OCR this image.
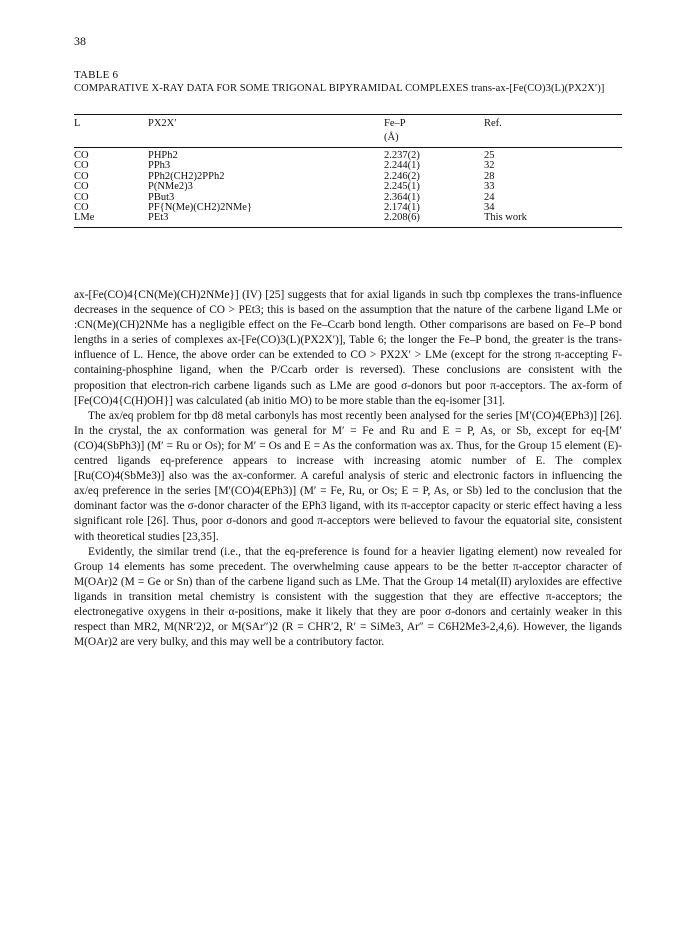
38
TABLE 6
COMPARATIVE X-RAY DATA FOR SOME TRIGONAL BIPYRAMIDAL COMPLEXES trans-ax-[Fe(CO)3(L)(PX2X′)]
L	PX2X′	Fe–P	Ref.
		(Å)	
CO	PHPh2	2.237(2)	25
CO	PPh3	2.244(1)	32
CO	PPh2(CH2)2PPh2	2.246(2)	28
CO	P(NMe2)3	2.245(1)	33
CO	PBut3	2.364(1)	24
CO	PF{N(Me)(CH2)2NMe}	2.174(1)	34
LMe	PEt3	2.208(6)	This work

ax-[Fe(CO)4{CN(Me)(CH)2NMe}] (IV) [25] suggests that for axial ligands in such tbp complexes the trans-influence decreases in the sequence of CO > PEt3; this is based on the assumption that the nature of the carbene ligand LMe or :CN(Me)(CH)2NMe has a negligible effect on the Fe–Ccarb bond length. Other comparisons are based on Fe–P bond lengths in a series of complexes ax-[Fe(CO)3(L)(PX2X′)], Table 6; the longer the Fe–P bond, the greater is the trans-influence of L. Hence, the above order can be extended to CO > PX2X′ > LMe (except for the strong π-accepting F-containing-phosphine ligand, when the P/Ccarb order is reversed). These conclusions are consistent with the proposition that electron-rich carbene ligands such as LMe are good σ-donors but poor π-acceptors. The ax-form of [Fe(CO)4{C(H)OH}] was calculated (ab initio MO) to be more stable than the eq-isomer [31].

The ax/eq problem for tbp d8 metal carbonyls has most recently been analysed for the series [M′(CO)4(EPh3)] [26]. In the crystal, the ax conformation was general for M′ = Fe and Ru and E = P, As, or Sb, except for eq-[M′(CO)4(SbPh3)] (M′ = Ru or Os); for M′ = Os and E = As the conformation was ax. Thus, for the Group 15 element (E)-centred ligands eq-preference appears to increase with increasing atomic number of E. The complex [Ru(CO)4(SbMe3)] also was the ax-conformer. A careful analysis of steric and electronic factors in influencing the ax/eq preference in the series [M′(CO)4(EPh3)] (M′ = Fe, Ru, or Os; E = P, As, or Sb) led to the conclusion that the dominant factor was the σ-donor character of the EPh3 ligand, with its π-acceptor capacity or steric effect having a less significant role [26]. Thus, poor σ-donors and good π-acceptors were believed to favour the equatorial site, consistent with theoretical studies [23,35].

Evidently, the similar trend (i.e., that the eq-preference is found for a heavier ligating element) now revealed for Group 14 elements has some precedent. The overwhelming cause appears to be the better π-acceptor character of M(OAr)2 (M = Ge or Sn) than of the carbene ligand such as LMe. That the Group 14 metal(II) aryloxides are effective ligands in transition metal chemistry is consistent with the suggestion that they are effective π-acceptors; the electronegative oxygens in their α-positions, make it likely that they are poor σ-donors and certainly weaker in this respect than MR2, M(NR′2)2, or M(SAr″)2 (R = CHR′2, R′ = SiMe3, Ar″ = C6H2Me3-2,4,6). However, the ligands M(OAr)2 are very bulky, and this may well be a contributory factor.
